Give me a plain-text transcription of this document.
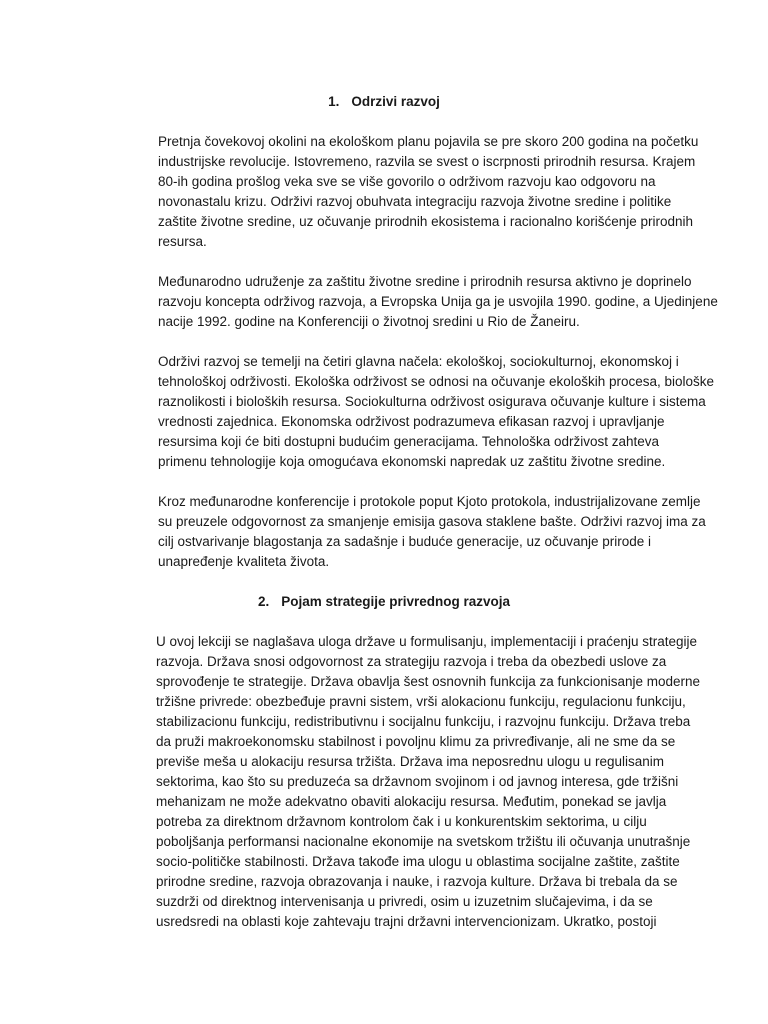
1. Odrzivi razvoj
Pretnja čovekovoj okolini na ekološkom planu pojavila se pre skoro 200 godina na početku
industrijske revolucije. Istovremeno, razvila se svest o iscrpnosti prirodnih resursa. Krajem
80-ih godina prošlog veka sve se više govorilo o održivom razvoju kao odgovoru na
novonastalu krizu. Održivi razvoj obuhvata integraciju razvoja životne sredine i politike
zaštite životne sredine, uz očuvanje prirodnih ekosistema i racionalno korišćenje prirodnih
resursa.
Međunarodno udruženje za zaštitu životne sredine i prirodnih resursa aktivno je doprinelo
razvoju koncepta održivog razvoja, a Evropska Unija ga je usvojila 1990. godine, a Ujedinjene
nacije 1992. godine na Konferenciji o životnoj sredini u Rio de Žaneiru.
Održivi razvoj se temelji na četiri glavna načela: ekološkoj, sociokulturnoj, ekonomskoj i
tehnološkoj održivosti. Ekološka održivost se odnosi na očuvanje ekoloških procesa, biološke
raznolikosti i bioloških resursa. Sociokulturna održivost osigurava očuvanje kulture i sistema
vrednosti zajednica. Ekonomska održivost podrazumeva efikasan razvoj i upravljanje
resursima koji će biti dostupni budućim generacijama. Tehnološka održivost zahteva
primenu tehnologije koja omogućava ekonomski napredak uz zaštitu životne sredine.
Kroz međunarodne konferencije i protokole poput Kjoto protokola, industrijalizovane zemlje
su preuzele odgovornost za smanjenje emisija gasova staklene bašte. Održivi razvoj ima za
cilj ostvarivanje blagostanja za sadašnje i buduće generacije, uz očuvanje prirode i
unapređenje kvaliteta života.
2. Pojam strategije privrednog razvoja
U ovoj lekciji se naglašava uloga države u formulisanju, implementaciji i praćenju strategije
razvoja. Država snosi odgovornost za strategiju razvoja i treba da obezbedi uslove za
sprovođenje te strategije. Država obavlja šest osnovnih funkcija za funkcionisanje moderne
tržišne privrede: obezbeđuje pravni sistem, vrši alokacionu funkciju, regulacionu funkciju,
stabilizacionu funkciju, redistributivnu i socijalnu funkciju, i razvojnu funkciju. Država treba
da pruži makroekonomsku stabilnost i povoljnu klimu za privređivanje, ali ne sme da se
previše meša u alokaciju resursa tržišta. Država ima neposrednu ulogu u regulisanim
sektorima, kao što su preduzeća sa državnom svojinom i od javnog interesa, gde tržišni
mehanizam ne može adekvatno obaviti alokaciju resursa. Međutim, ponekad se javlja
potreba za direktnom državnom kontrolom čak i u konkurentskim sektorima, u cilju
poboljšanja performansi nacionalne ekonomije na svetskom tržištu ili očuvanja unutrašnje
socio-političke stabilnosti. Država takođe ima ulogu u oblastima socijalne zaštite, zaštite
prirodne sredine, razvoja obrazovanja i nauke, i razvoja kulture. Država bi trebala da se
suzdrži od direktnog intervenisanja u privredi, osim u izuzetnim slučajevima, i da se
usredsredi na oblasti koje zahtevaju trajni državni intervencionizam. Ukratko, postoji
